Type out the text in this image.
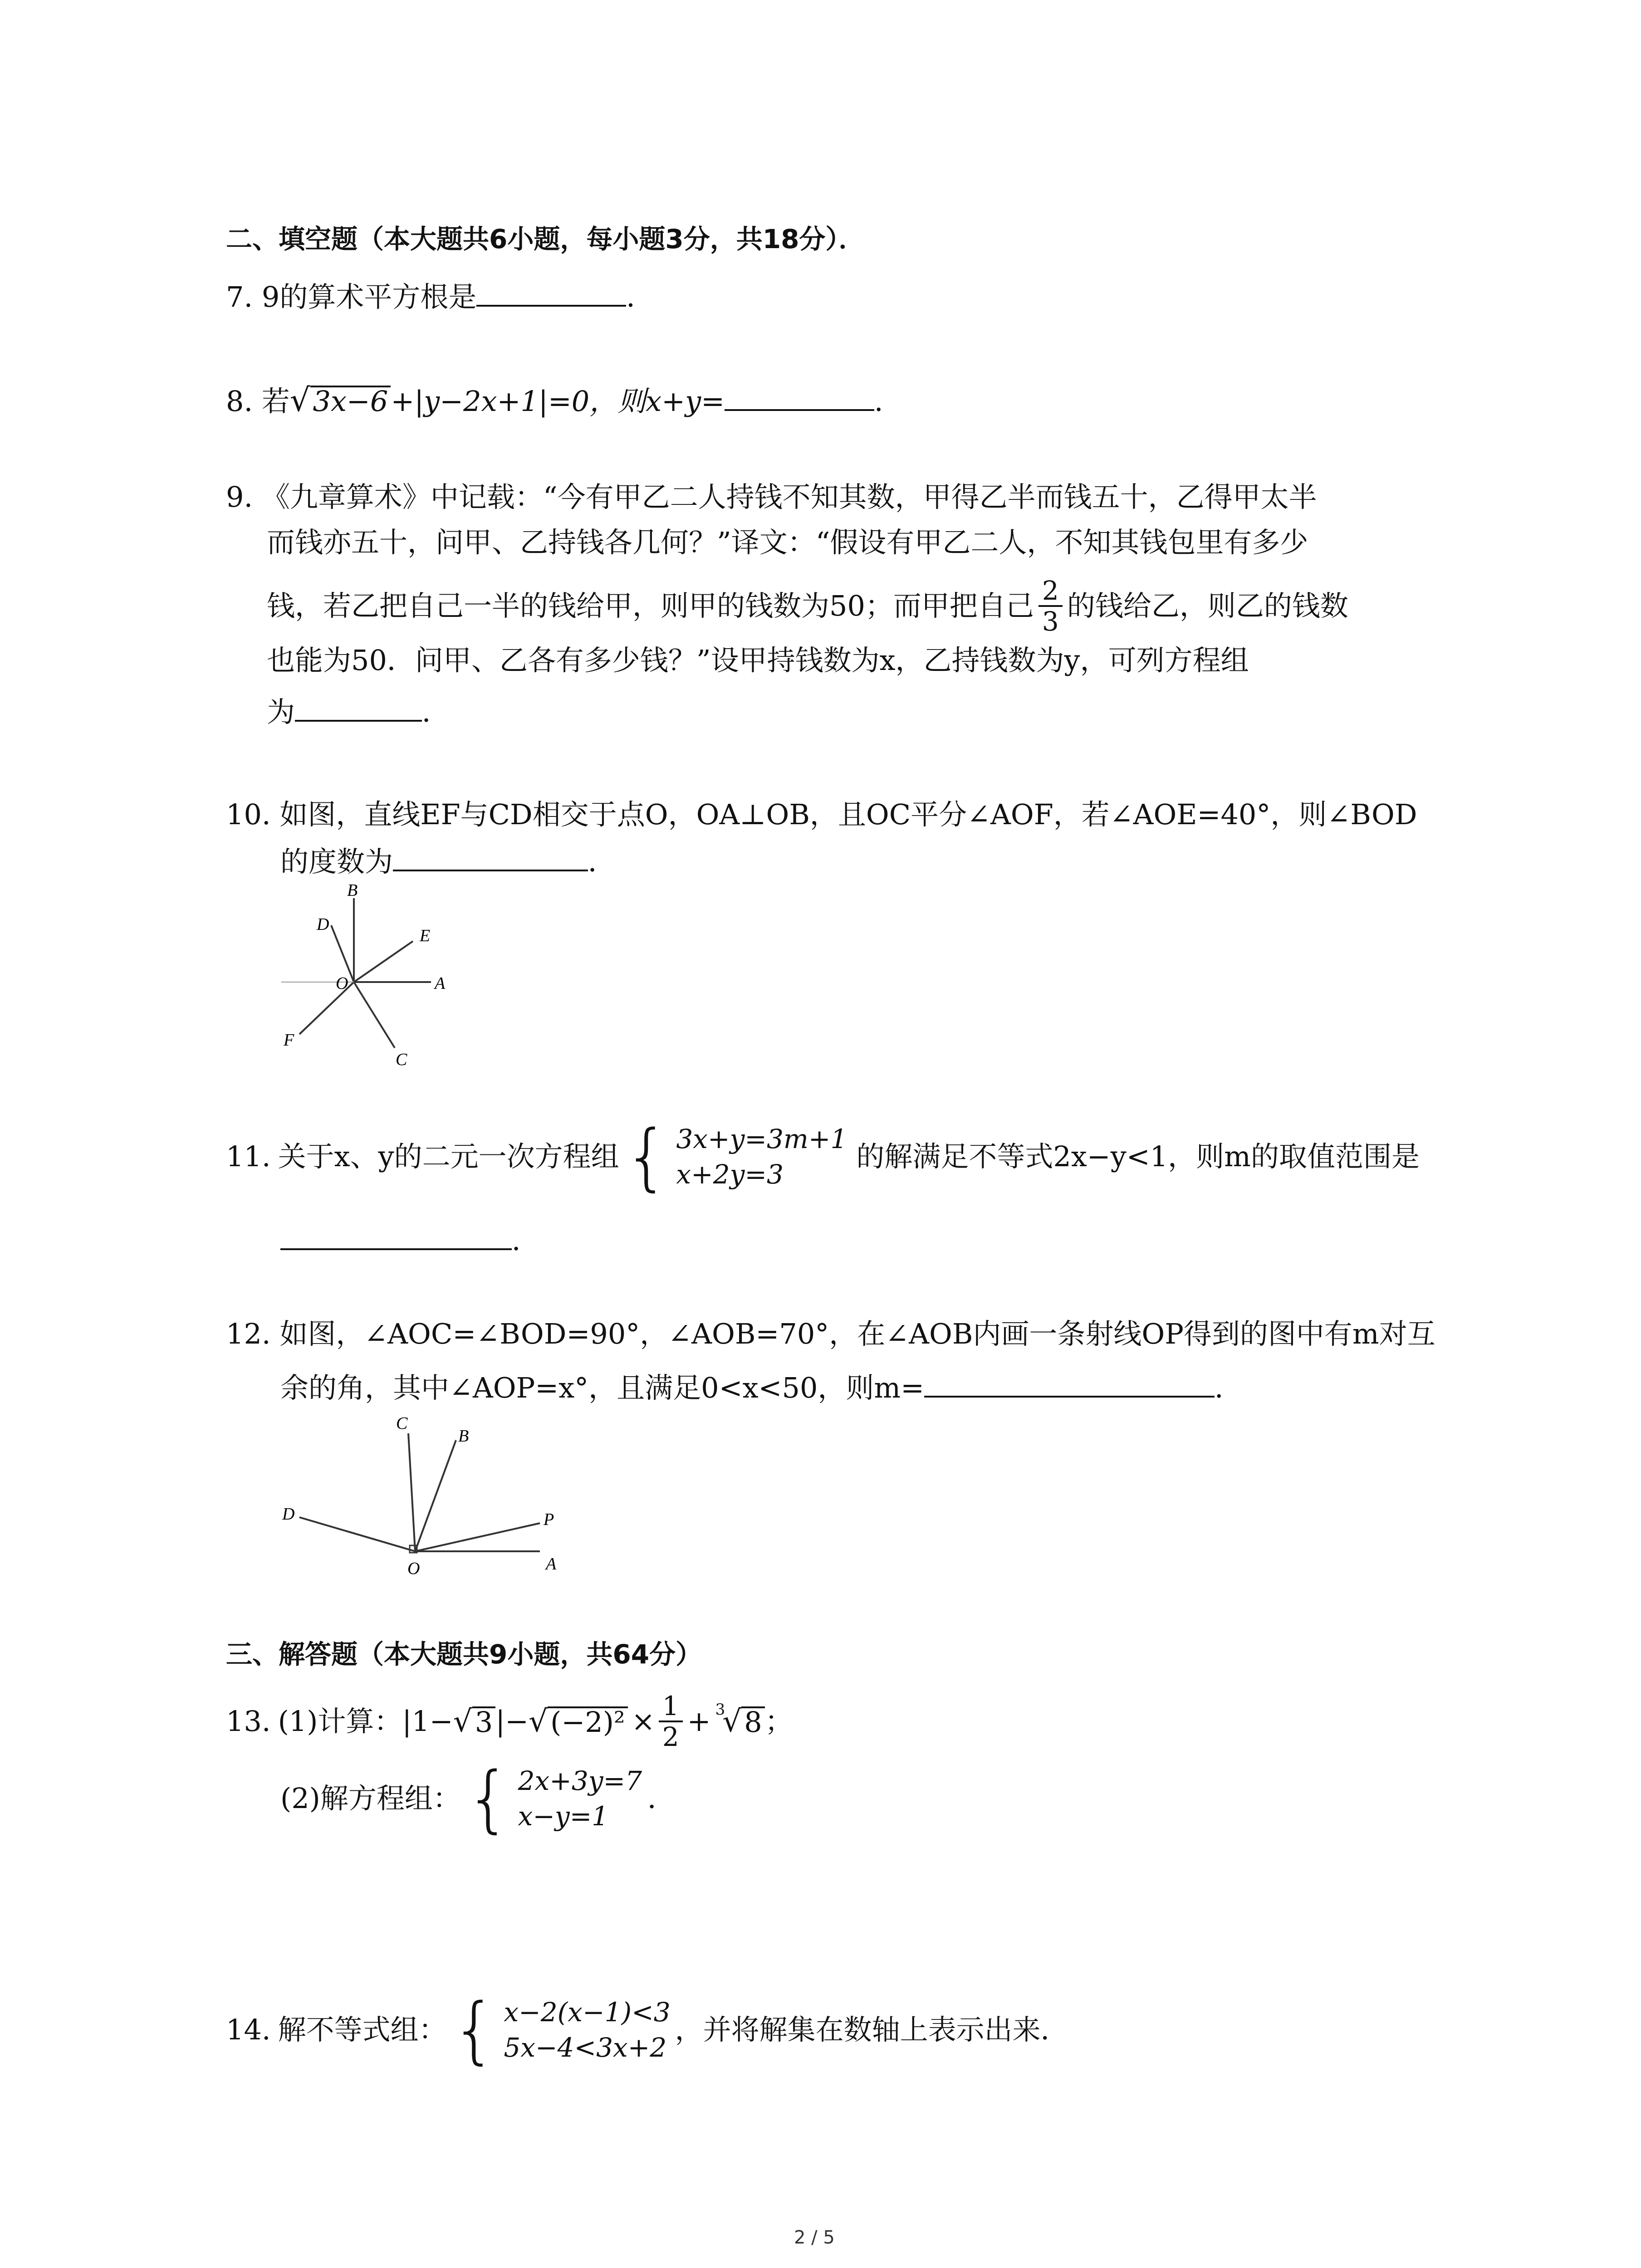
二、填空题（本大题共6小题，每小题3分，共18分）．
7. 9的算术平方根是	．
8. 若√3x−6+|y−2x+1|=0，则x+y=	．
9. 《九章算术》中记载：“今有甲乙二人持钱不知其数，甲得乙半而钱五十，乙得甲太半
而钱亦五十，问甲、乙持钱各几何？”译文：“假设有甲乙二人，不知其钱包里有多少
钱，若乙把自己一半的钱给甲，则甲的钱数为50；而甲把自己 $\frac{2}{3}$ 的钱给乙，则乙的钱数
也能为50．问甲、乙各有多少钱？”设甲持钱数为x，乙持钱数为y，可列方程组
为	．
10. 如图，直线EF与CD相交于点O，OA⊥OB，且OC平分∠AOF，若∠AOE=40°，则∠BOD
的度数为	．
B
D
E
O	A
F
C
11. 关于x、y的二元一次方程组 { 3x+y=3m+1
x+2y=3
的解满足不等式2x−y<1，则m的取值范围是
．
12. 如图，∠AOC=∠BOD=90°，∠AOB=70°，在∠AOB内画一条射线OP得到的图中有m对互
余的角，其中∠AOP=x°，且满足0<x<50，则m=	．
C
B
D	P
O	A
三、解答题（本大题共9小题，共64分）
13. (1)计算：|1− √ 3 |− √ $(-2)^2 \times \frac{1}{2} + 3$
√ 8 ；
(2)解方程组： { 2x+3y=7
x−y=1
．
14. 解不等式组： { x−2(x−1)<3
5x−4<3x+2
，并将解集在数轴上表示出来．
2 / 5
